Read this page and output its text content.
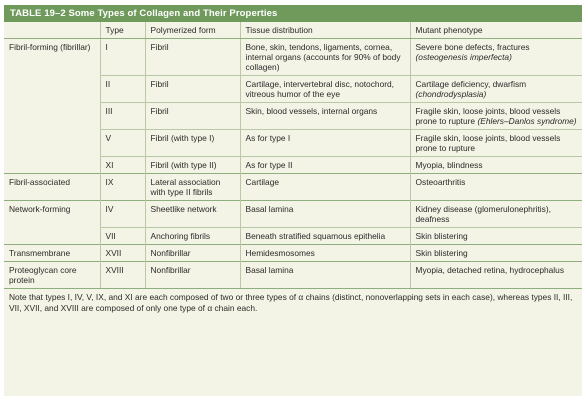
TABLE 19–2 Some Types of Collagen and Their Properties
	Type	Polymerized form	Tissue distribution	Mutant phenotype
Fibril-forming (fibrillar)	I	Fibril	Bone, skin, tendons, ligaments, cornea, internal organs (accounts for 90% of body collagen)	Severe bone defects, fractures (osteogenesis imperfecta)
	II	Fibril	Cartilage, intervertebral disc, notochord, vitreous humor of the eye	Cartilage deficiency, dwarfism (chondrodysplasia)
	III	Fibril	Skin, blood vessels, internal organs	Fragile skin, loose joints, blood vessels prone to rupture (Ehlers–Danlos syndrome)
	V	Fibril (with type I)	As for type I	Fragile skin, loose joints, blood vessels prone to rupture
	XI	Fibril (with type II)	As for type II	Myopia, blindness
Fibril-associated	IX	Lateral association with type II fibrils	Cartilage	Osteoarthritis
Network-forming	IV	Sheetlike network	Basal lamina	Kidney disease (glomerulonephritis), deafness
	VII	Anchoring fibrils	Beneath stratified squamous epithelia	Skin blistering
Transmembrane	XVII	Nonfibrillar	Hemidesmosomes	Skin blistering
Proteoglycan core protein	XVIII	Nonfibrillar	Basal lamina	Myopia, detached retina, hydrocephalus
Note that types I, IV, V, IX, and XI are each composed of two or three types of α chains (distinct, nonoverlapping sets in each case), whereas types II, III, VII, XVII, and XVIII are composed of only one type of α chain each.
